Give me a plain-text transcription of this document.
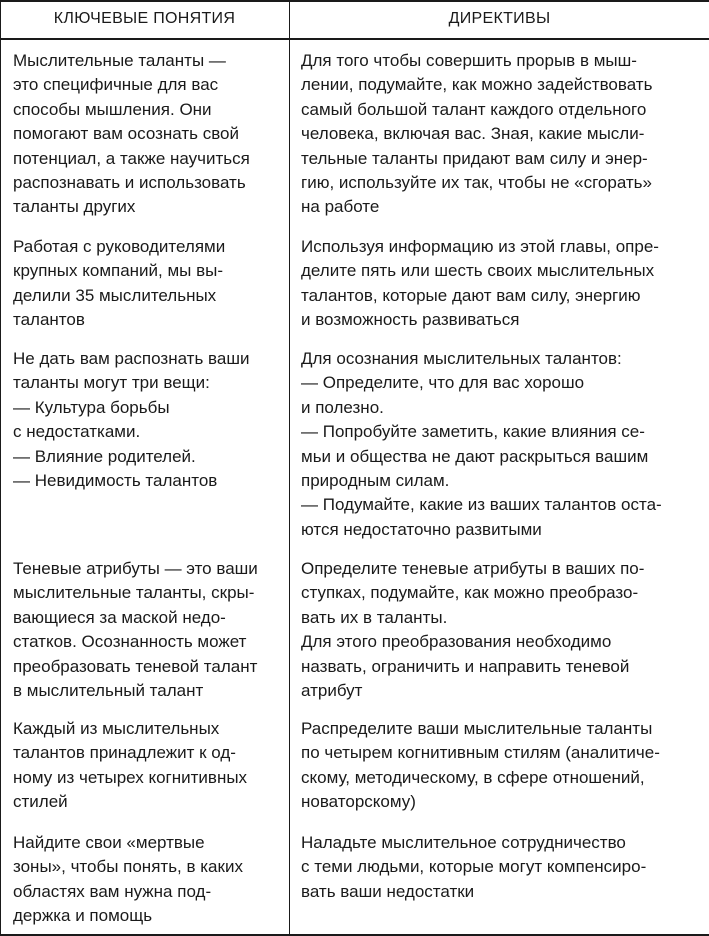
КЛЮЧЕВЫЕ ПОНЯТИЯ	ДИРЕКТИВЫ
Мыслительные таланты —
это специфичные для вас
способы мышления. Они
помогают вам осознать свой
потенциал, а также научиться
распознавать и использовать
таланты других
Для того чтобы совершить прорыв в мыш-
лении, подумайте, как можно задействовать
самый большой талант каждого отдельного
человека, включая вас. Зная, какие мысли-
тельные таланты придают вам силу и энер-
гию, используйте их так, чтобы не «сгорать»
на работе
Работая с руководителями
крупных компаний, мы вы-
делили 35 мыслительных
талантов
Используя информацию из этой главы, опре-
делите пять или шесть своих мыслительных
талантов, которые дают вам силу, энергию
и возможность развиваться
Не дать вам распознать ваши
таланты могут три вещи:
— Культура борьбы
с недостатками.
— Влияние родителей.
— Невидимость талантов
Для осознания мыслительных талантов:
— Определите, что для вас хорошо
и полезно.
— Попробуйте заметить, какие влияния се-
мьи и общества не дают раскрыться вашим
природным силам.
— Подумайте, какие из ваших талантов оста-
ются недостаточно развитыми
Теневые атрибуты — это ваши
мыслительные таланты, скры-
вающиеся за маской недо-
статков. Осознанность может
преобразовать теневой талант
в мыслительный талант
Определите теневые атрибуты в ваших по-
ступках, подумайте, как можно преобразо-
вать их в таланты.
Для этого преобразования необходимо
назвать, ограничить и направить теневой
атрибут
Каждый из мыслительных
талантов принадлежит к од-
ному из четырех когнитивных
стилей
Распределите ваши мыслительные таланты
по четырем когнитивным стилям (аналитиче-
скому, методическому, в сфере отношений,
новаторскому)
Найдите свои «мертвые
зоны», чтобы понять, в каких
областях вам нужна под-
держка и помощь
Наладьте мыслительное сотрудничество
с теми людьми, которые могут компенсиро-
вать ваши недостатки
